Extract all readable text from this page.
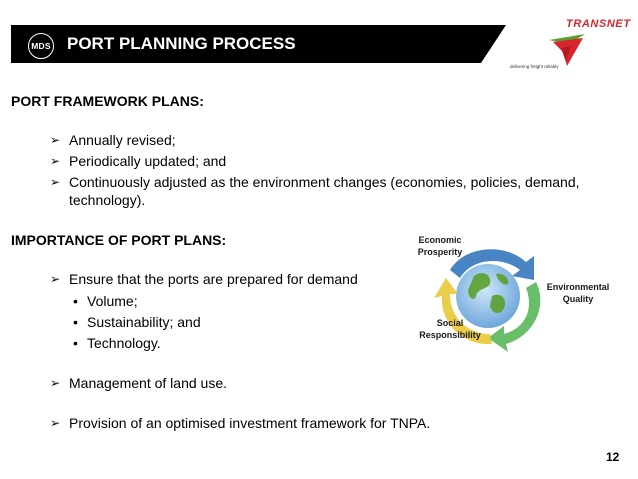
MDS PORT PLANNING PROCESS
TRANSNET
delivering freight reliably
PORT FRAMEWORK PLANS:
➢ Annually revised;
➢ Periodically updated; and
➢ Continuously adjusted as the environment changes (economies, policies, demand,
technology).
IMPORTANCE OF PORT PLANS:
➢ Ensure that the ports are prepared for demand
• Volume;
• Sustainability; and
• Technology.
➢ Management of land use.
➢ Provision of an optimised investment framework for TNPA.
Economic
Prosperity
Environmental
Quality
Social
Responsibility
12
